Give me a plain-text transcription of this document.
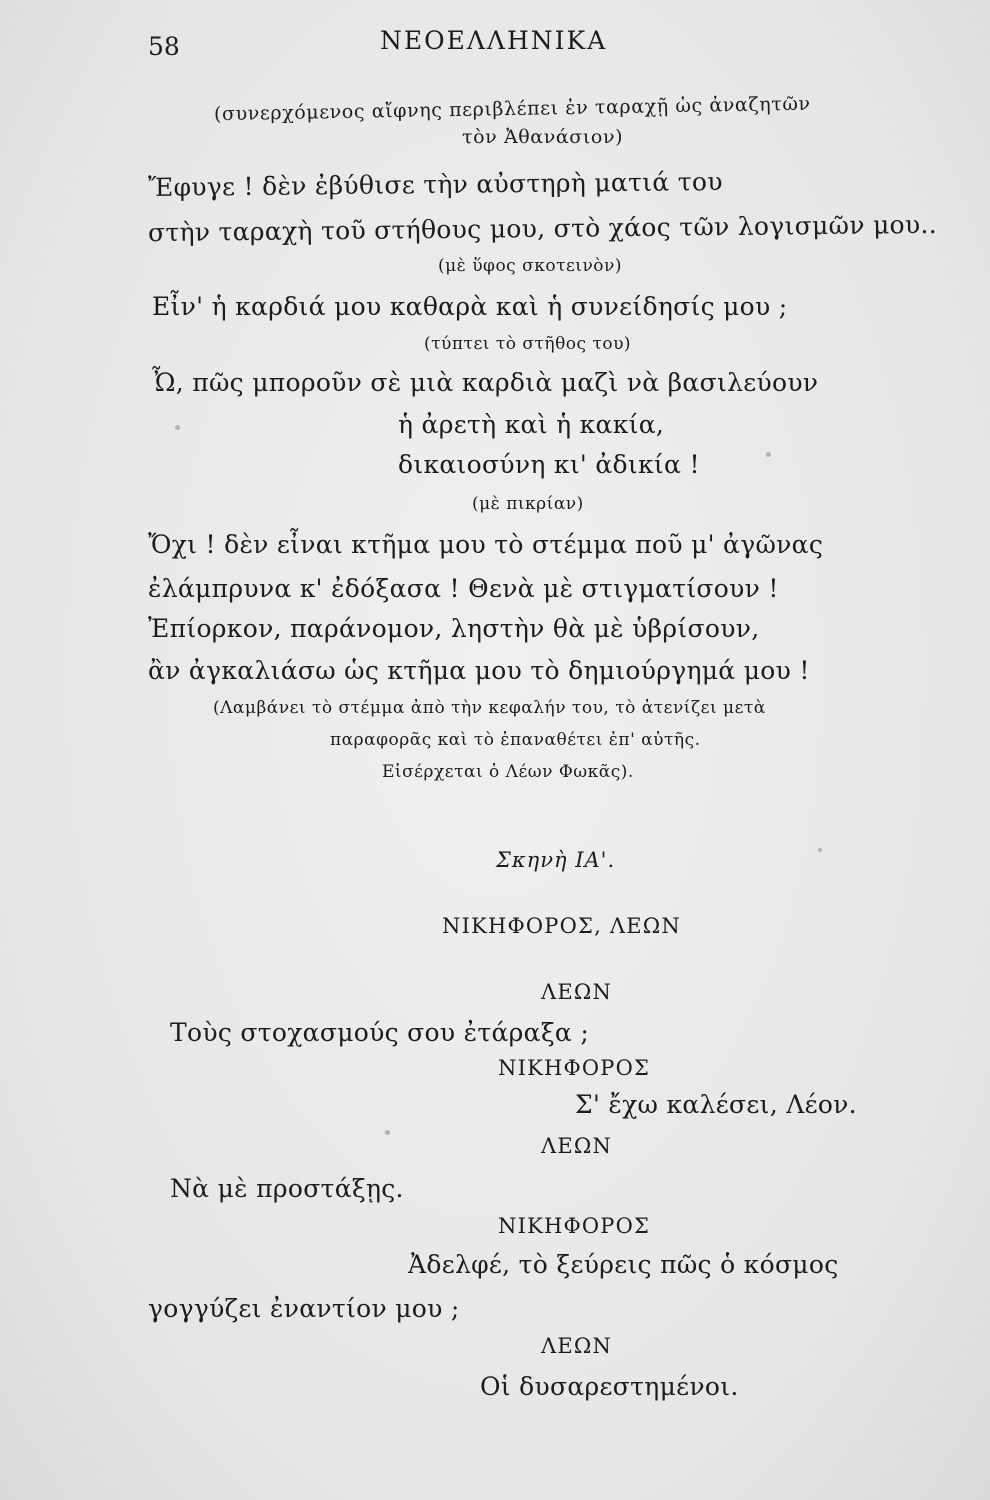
58	ΝΕΟΕΛΛΗΝΙΚΑ
(συνερχόμενος αἴφνης περιβλέπει ἐν ταραχῇ ὡς ἀναζητῶν
τὸν Ἀθανάσιον)
Ἔφυγε ! δὲν ἐβύθισε τὴν αὐστηρὴ ματιά του
στὴν ταραχὴ τοῦ στήθους μου, στὸ χάος τῶν λογισμῶν μου..
(μὲ ὕφος σκοτεινὸν)
Εἶν' ἡ καρδιά μου καθαρὰ καὶ ἡ συνείδησίς μου ;
(τύπτει τὸ στῆθος του)
Ὦ, πῶς μποροῦν σὲ μιὰ καρδιὰ μαζὶ νὰ βασιλεύουν
ἡ ἀρετὴ καὶ ἡ κακία,
δικαιοσύνη κι' ἀδικία !
(μὲ πικρίαν)
Ὄχι ! δὲν εἶναι κτῆμα μου τὸ στέμμα ποῦ μ' ἀγῶνας
ἐλάμπρυνα κ' ἐδόξασα ! Θενὰ μὲ στιγματίσουν !
Ἐπίορκον, παράνομον, ληστὴν θὰ μὲ ὑβρίσουν,
ἂν ἀγκαλιάσω ὡς κτῆμα μου τὸ δημιούργημά μου !
(Λαμβάνει τὸ στέμμα ἀπὸ τὴν κεφαλήν του, τὸ ἀτενίζει μετὰ
παραφορᾶς καὶ τὸ ἐπαναθέτει ἐπ' αὐτῆς.
Εἰσέρχεται ὁ Λέων Φωκᾶς).
Σκηνὴ ΙΑ'.
ΝΙΚΗΦΟΡΟΣ, ΛΕΩΝ
ΛΕΩΝ
Τοὺς στοχασμούς σου ἐτάραξα ;
ΝΙΚΗΦΟΡΟΣ
Σ' ἔχω καλέσει, Λέον.
ΛΕΩΝ
Νὰ μὲ προστάξῃς.
ΝΙΚΗΦΟΡΟΣ
Ἀδελφέ, τὸ ξεύρεις πῶς ὁ κόσμος
γογγύζει ἐναντίον μου ;
ΛΕΩΝ
Οἱ δυσαρεστημένοι.
